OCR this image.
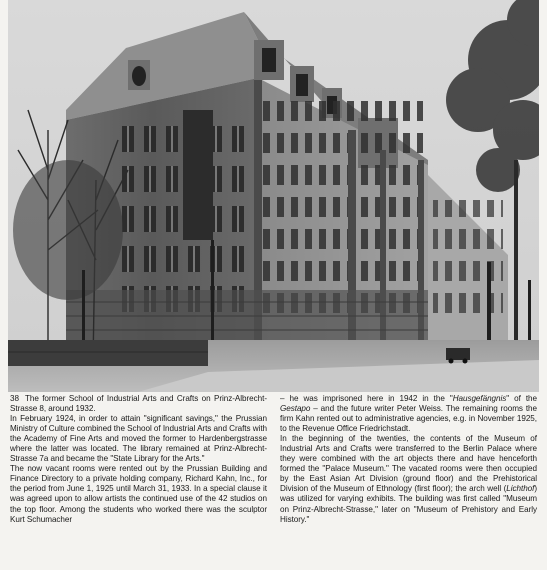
38 The former School of Industrial Arts and Crafts on Prinz-Albrecht-Strasse 8, around 1932.

In February 1924, in order to attain "significant savings," the Prussian Ministry of Culture combined the School of Industrial Arts and Crafts with the Academy of Fine Arts and moved the former to Hardenbergstrasse where the latter was located. The library remained at Prinz-Albrecht-Strasse 7a and became the "State Library for the Arts."

The now vacant rooms were rented out by the Prussian Building and Finance Directory to a private holding company, Richard Kahn, Inc., for the period from June 1, 1925 until March 31, 1933. In a special clause it was agreed upon to allow artists the continued use of the 42 studios on the top floor. Among the students who worked there was the sculptor Kurt Schumacher

– he was imprisoned here in 1942 in the "Hausgefängnis" of the Gestapo – and the future writer Peter Weiss. The remaining rooms the firm Kahn rented out to administrative agencies, e.g. in November 1925, to the Revenue Office Friedrichstadt.

In the beginning of the twenties, the contents of the Museum of Industrial Arts and Crafts were transferred to the Berlin Palace where they were combined with the art objects there and have henceforth formed the "Palace Museum." The vacated rooms were then occupied by the East Asian Art Division (ground floor) and the Prehistorical Division of the Museum of Ethnology (first floor); the arch well (Lichthof) was utilized for varying exhibits. The building was first called "Museum on Prinz-Albrecht-Strasse," later on "Museum of Prehistory and Early History."
